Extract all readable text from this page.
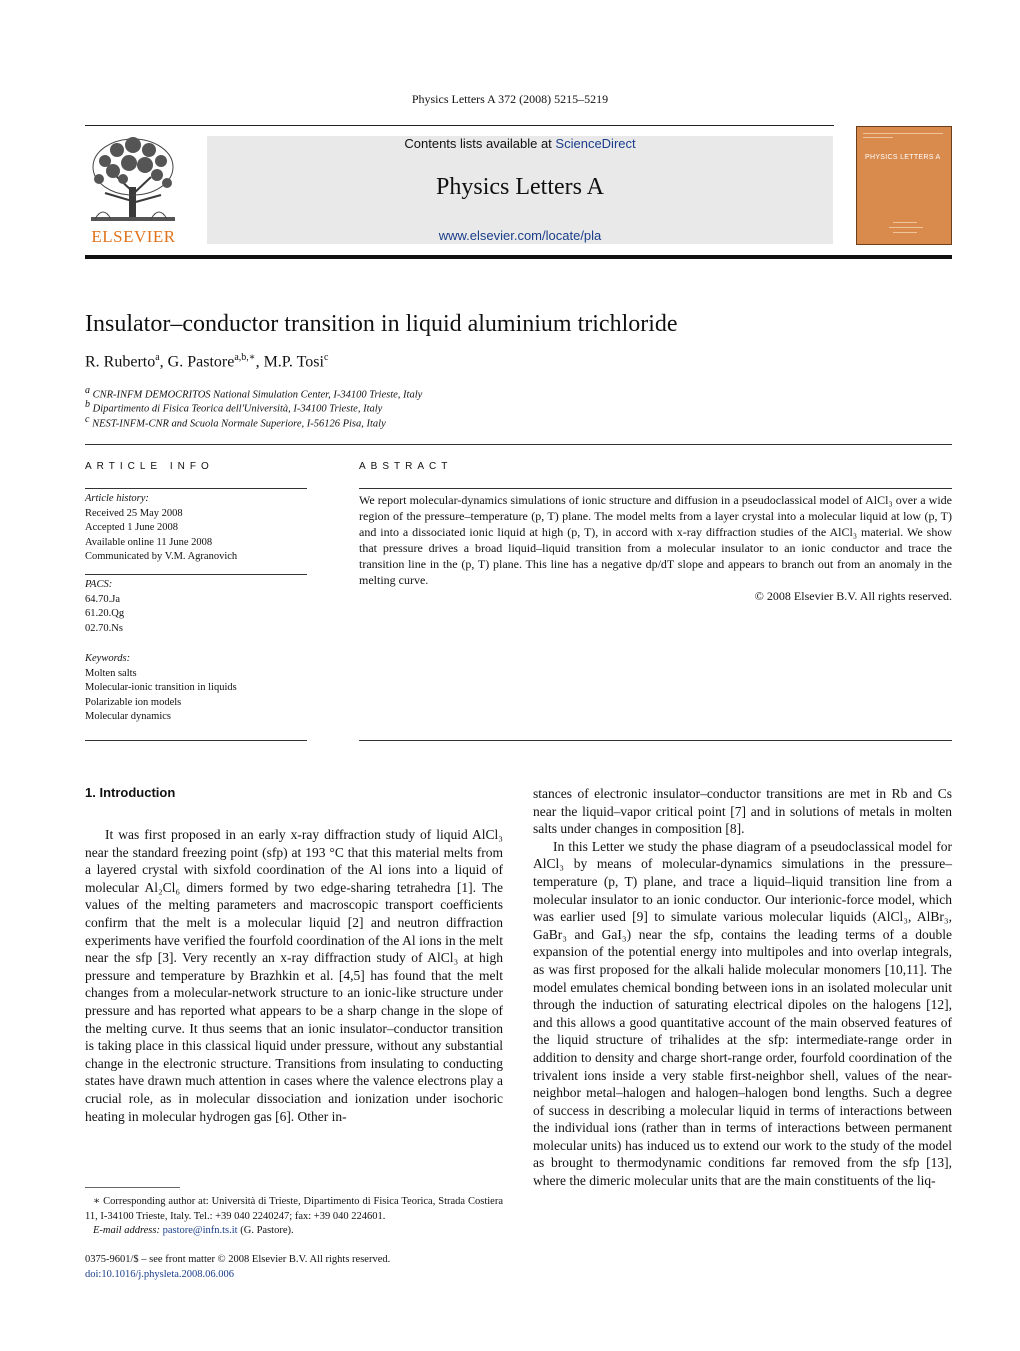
Physics Letters A 372 (2008) 5215–5219
ELSEVIER
Contents lists available at ScienceDirect
Physics Letters A
www.elsevier.com/locate/pla
PHYSICS LETTERS A
Insulator–conductor transition in liquid aluminium trichloride
R. Ruberto$^a$, G. Pastore$^{a,b,∗}$, M.P. Tosi$^c$
$^a$ CNR-INFM DEMOCRITOS National Simulation Center, I-34100 Trieste, Italy
$^b$ Dipartimento di Fisica Teorica dell'Università, I-34100 Trieste, Italy
$^c$ NEST-INFM-CNR and Scuola Normale Superiore, I-56126 Pisa, Italy
ARTICLE INFO
Article history:
Received 25 May 2008
Accepted 1 June 2008
Available online 11 June 2008
Communicated by V.M. Agranovich
PACS:
64.70.Ja
61.20.Qg
02.70.Ns
Keywords:
Molten salts
Molecular-ionic transition in liquids
Polarizable ion models
Molecular dynamics
ABSTRACT
We report molecular-dynamics simulations of ionic structure and diffusion in a pseudoclassical model of AlCl₃ over a wide region of the pressure–temperature (p, T) plane. The model melts from a layer crystal into a molecular liquid at low (p, T) and into a dissociated ionic liquid at high (p, T), in accord with x-ray diffraction studies of the AlCl₃ material. We show that pressure drives a broad liquid–liquid transition from a molecular insulator to an ionic conductor and trace the transition line in the (p, T) plane. This line has a negative dp/dT slope and appears to branch out from an anomaly in the melting curve.
© 2008 Elsevier B.V. All rights reserved.
1. Introduction

It was first proposed in an early x-ray diffraction study of liquid AlCl₃ near the standard freezing point (sfp) at 193 °C that this material melts from a layered crystal with sixfold coordination of the Al ions into a liquid of molecular Al₂Cl₆ dimers formed by two edge-sharing tetrahedra [1]. The values of the melting parameters and macroscopic transport coefficients confirm that the melt is a molecular liquid [2] and neutron diffraction experiments have verified the fourfold coordination of the Al ions in the melt near the sfp [3]. Very recently an x-ray diffraction study of AlCl₃ at high pressure and temperature by Brazhkin et al. [4,5] has found that the melt changes from a molecular-network structure to an ionic-like structure under pressure and has reported what appears to be a sharp change in the slope of the melting curve. It thus seems that an ionic insulator–conductor transition is taking place in this classical liquid under pressure, without any substantial change in the electronic structure. Transitions from insulating to conducting states have drawn much attention in cases where the valence electrons play a crucial role, as in molecular dissociation and ionization under isochoric heating in molecular hydrogen gas [6]. Other in-

stances of electronic insulator–conductor transitions are met in Rb and Cs near the liquid–vapor critical point [7] and in solutions of metals in molten salts under changes in composition [8].

In this Letter we study the phase diagram of a pseudoclassical model for AlCl₃ by means of molecular-dynamics simulations in the pressure–temperature (p, T) plane, and trace a liquid–liquid transition line from a molecular insulator to an ionic conductor. Our interionic-force model, which was earlier used [9] to simulate various molecular liquids (AlCl₃, AlBr₃, GaBr₃ and GaI₃) near the sfp, contains the leading terms of a double expansion of the potential energy into multipoles and into overlap integrals, as was first proposed for the alkali halide molecular monomers [10,11]. The model emulates chemical bonding between ions in an isolated molecular unit through the induction of saturating electrical dipoles on the halogens [12], and this allows a good quantitative account of the main observed features of the liquid structure of trihalides at the sfp: intermediate-range order in addition to density and charge short-range order, fourfold coordination of the trivalent ions inside a very stable first-neighbor shell, values of the near-neighbor metal–halogen and halogen–halogen bond lengths. Such a degree of success in describing a molecular liquid in terms of interactions between the individual ions (rather than in terms of interactions between permanent molecular units) has induced us to extend our work to the study of the model as brought to thermodynamic conditions far removed from the sfp [13], where the dimeric molecular units that are the main constituents of the liq-

∗ Corresponding author at: Università di Trieste, Dipartimento di Fisica Teorica, Strada Costiera 11, I-34100 Trieste, Italy. Tel.: +39 040 2240247; fax: +39 040 224601.
E-mail address: pastore@infn.ts.it (G. Pastore).
0375-9601/$ – see front matter © 2008 Elsevier B.V. All rights reserved.
doi:10.1016/j.physleta.2008.06.006
